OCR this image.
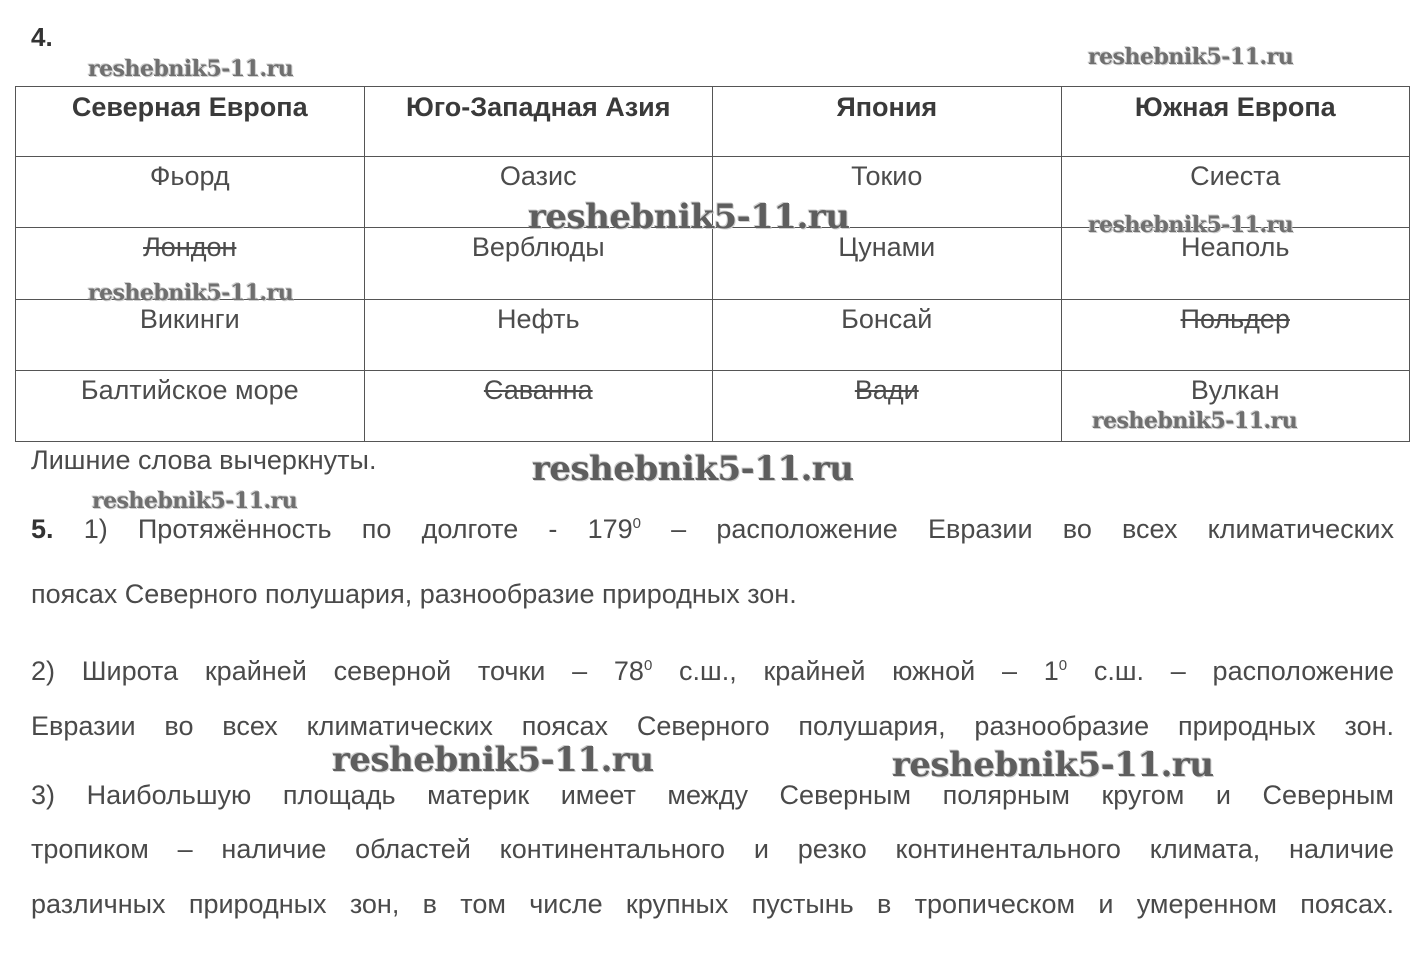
4.
Северная Европа	Юго-Западная Азия	Япония	Южная Европа
Фьорд	Оазис	Токио	Сиеста
Лондон	Верблюды	Цунами	Неаполь
Викинги	Нефть	Бонсай	Польдер
Балтийское море	Саванна	Вади	Вулкан
Лишние слова вычеркнуты.
5. 1) Протяжённость по долготе - $179^0$ – расположение Евразии во всех климатических
поясах Северного полушария, разнообразие природных зон.
2) Широта крайней северной точки – $78^0$ с.ш., крайней южной – $1^0$ с.ш. – расположение
Евразии во всех климатических поясах Северного полушария, разнообразие природных зон.
3) Наибольшую площадь материк имеет между Северным полярным кругом и Северным
тропиком – наличие областей континентального и резко континентального климата, наличие
различных природных зон, в том числе крупных пустынь в тропическом и умеренном поясах.
reshebnik5-11.ru	reshebnik5-11.ru
reshebnik5-11.ru	reshebnik5-11.ru
reshebnik5-11.ru
reshebnik5-11.ru
reshebnik5-11.ru
reshebnik5-11.ru
reshebnik5-11.ru	reshebnik5-11.ru
